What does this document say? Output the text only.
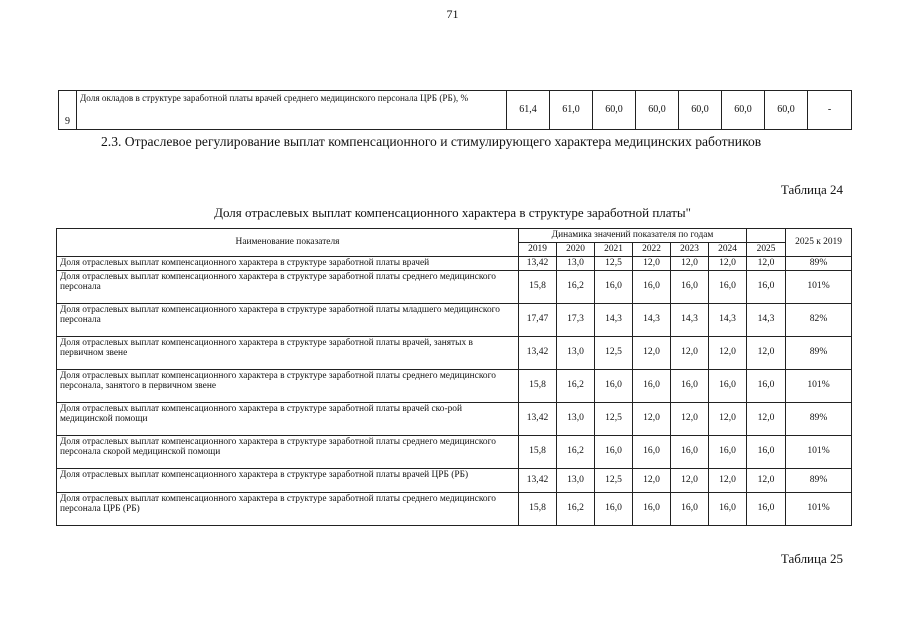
71
9	Доля окладов в структуре заработной платы врачей среднего медицинского персонала ЦРБ (РБ), %	61,4	61,0	60,0	60,0	60,0	60,0	60,0	-
2.3. Отраслевое регулирование выплат компенсационного и стимулирующего характера медицинских работников
Таблица 24
Доля отраслевых выплат компенсационного характера в структуре заработной платы"
Наименование показателя	Динамика значений показателя по годам							2025 к 2019
	2019	2020	2021	2022	2023	2024	2025	
Доля отраслевых выплат компенсационного характера в структуре заработной платы врачей	13,42	13,0	12,5	12,0	12,0	12,0	12,0	89%
Доля отраслевых выплат компенсационного характера в структуре заработной платы среднего медицинского персонала	15,8	16,2	16,0	16,0	16,0	16,0	16,0	101%
Доля отраслевых выплат компенсационного характера в структуре заработной платы младшего медицинского персонала	17,47	17,3	14,3	14,3	14,3	14,3	14,3	82%
Доля отраслевых выплат компенсационного характера в структуре заработной платы врачей, занятых в первичном звене	13,42	13,0	12,5	12,0	12,0	12,0	12,0	89%
Доля отраслевых выплат компенсационного характера в структуре заработной платы среднего медицинского персонала, занятого в первичном звене	15,8	16,2	16,0	16,0	16,0	16,0	16,0	101%
Доля отраслевых выплат компенсационного характера в структуре заработной платы врачей ско-рой медицинской помощи	13,42	13,0	12,5	12,0	12,0	12,0	12,0	89%
Доля отраслевых выплат компенсационного характера в структуре заработной платы среднего медицинского персонала скорой медицинской помощи	15,8	16,2	16,0	16,0	16,0	16,0	16,0	101%
Доля отраслевых выплат компенсационного характера в структуре заработной платы врачей ЦРБ (РБ)	13,42	13,0	12,5	12,0	12,0	12,0	12,0	89%
Доля отраслевых выплат компенсационного характера в структуре заработной платы среднего медицинского персонала ЦРБ (РБ)	15,8	16,2	16,0	16,0	16,0	16,0	16,0	101%
Таблица 25
